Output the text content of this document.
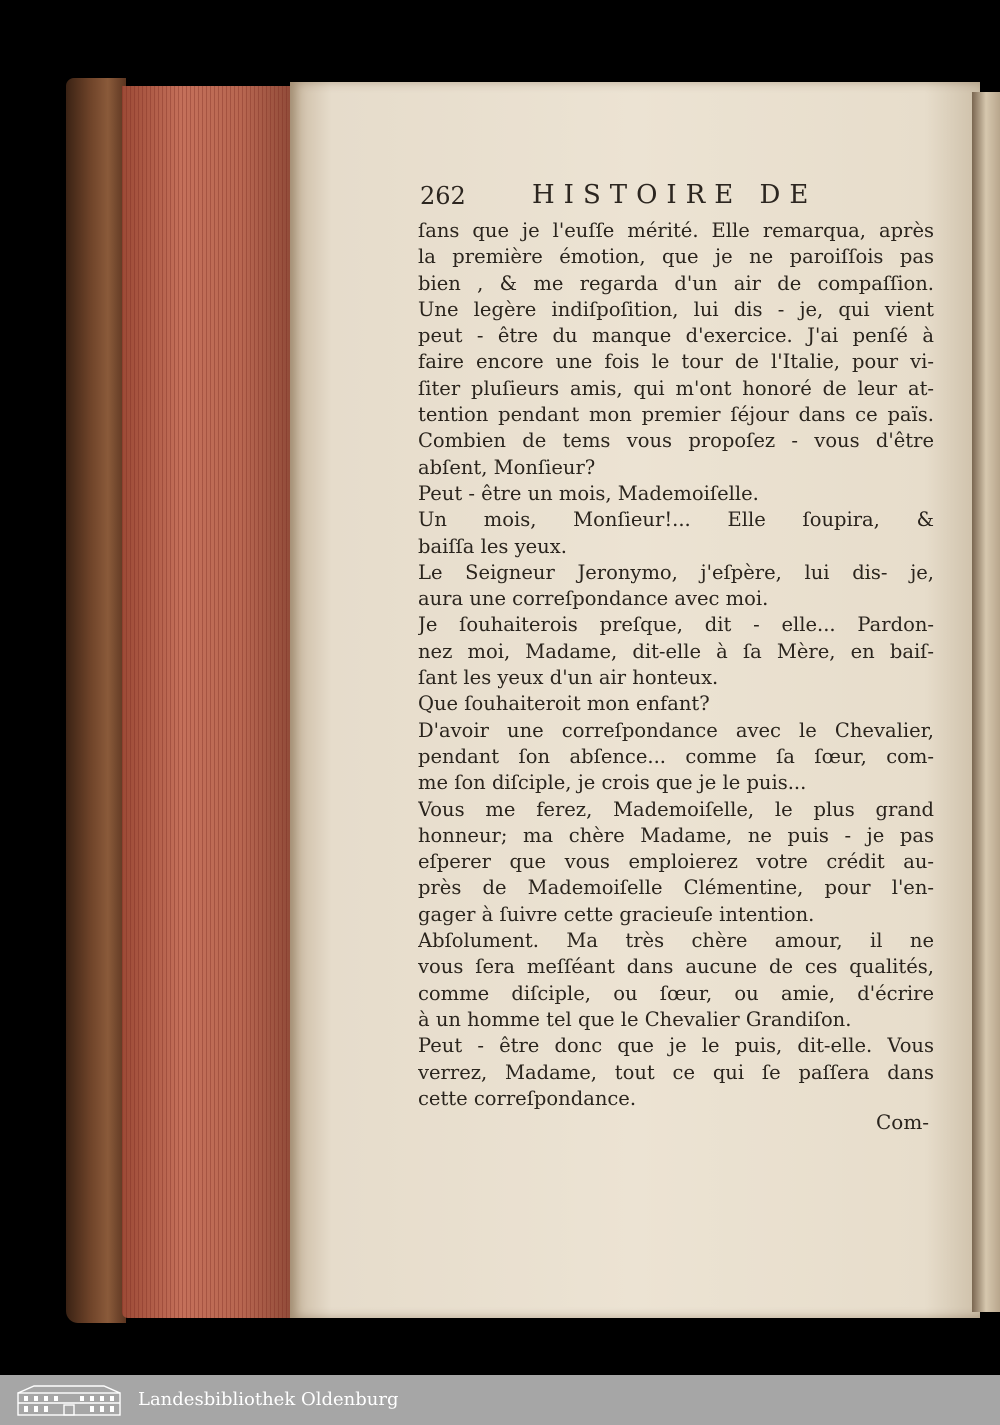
262	HISTOIRE DE
ſans que je l'euſſe mérité. Elle remarqua, après
la première émotion, que je ne paroiſſois pas
bien , & me regarda d'un air de compaſſion.
Une legère indiſpoſition, lui dis - je, qui vient
peut - être du manque d'exercice. J'ai penſé à
faire encore une fois le tour de l'Italie, pour vi-
ſiter pluſieurs amis, qui m'ont honoré de leur at-
tention pendant mon premier ſéjour dans ce païs.
Combien de tems vous propoſez - vous d'être
abſent, Monſieur?
Peut - être un mois, Mademoiſelle.
Un mois, Monſieur!... Elle ſoupira, &
baiſſa les yeux.
Le Seigneur Jeronymo, j'eſpère, lui dis- je,
aura une correſpondance avec moi.
Je ſouhaiterois preſque, dit - elle... Pardon-
nez moi, Madame, dit-elle à ſa Mère, en baiſ-
ſant les yeux d'un air honteux.
Que ſouhaiteroit mon enfant?
D'avoir une correſpondance avec le Chevalier,
pendant ſon abſence... comme ſa ſœur, com-
me ſon diſciple, je crois que je le puis...
Vous me ferez, Mademoiſelle, le plus grand
honneur; ma chère Madame, ne puis - je pas
eſperer que vous emploierez votre crédit au-
près de Mademoiſelle Clémentine, pour l'en-
gager à ſuivre cette gracieuſe intention.
Abſolument. Ma très chère amour, il ne
vous ſera meſſéant dans aucune de ces qualités,
comme diſciple, ou ſœur, ou amie, d'écrire
à un homme tel que le Chevalier Grandiſon.
Peut - être donc que je le puis, dit-elle. Vous
verrez, Madame, tout ce qui ſe paſſera dans
cette correſpondance.
Com-
Landesbibliothek Oldenburg
